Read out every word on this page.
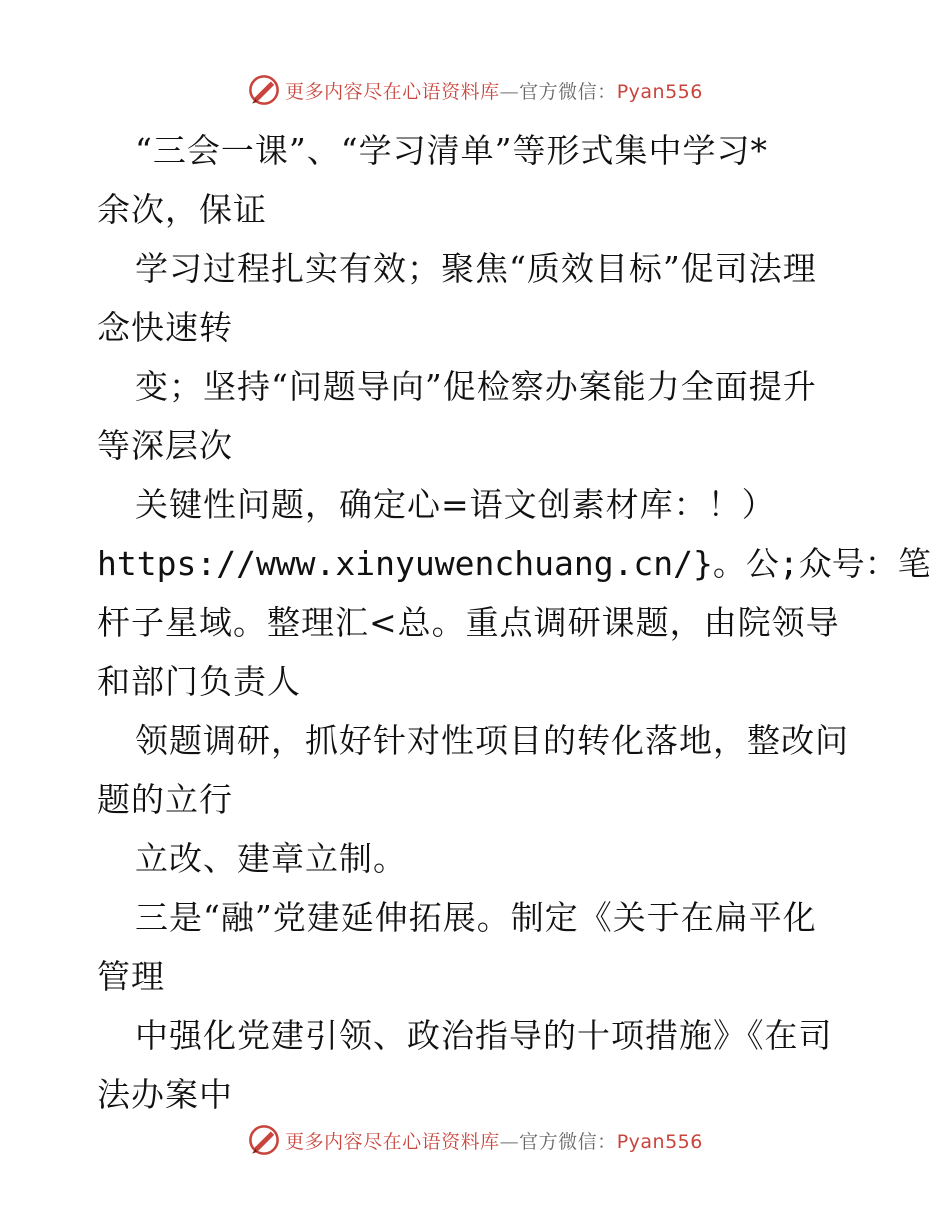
更多内容尽在心语资料库—官方微信：Pyan556
“三会一课”、“学习清单”等形式集中学习*
余次，保证
学习过程扎实有效；聚焦“质效目标”促司法理
念快速转
变；坚持“问题导向”促检察办案能力全面提升
等深层次
关键性问题，确定心=语文创素材库：！）
https://www.xinyuwenchuang.cn/}。公;众号：笔
杆子星域。整理汇<总。重点调研课题，由院领导
和部门负责人
领题调研，抓好针对性项目的转化落地，整改问
题的立行
立改、建章立制。
三是“融”党建延伸拓展。制定《关于在扁平化
管理
中强化党建引领、政治指导的十项措施》《在司
法办案中
更多内容尽在心语资料库—官方微信：Pyan556
